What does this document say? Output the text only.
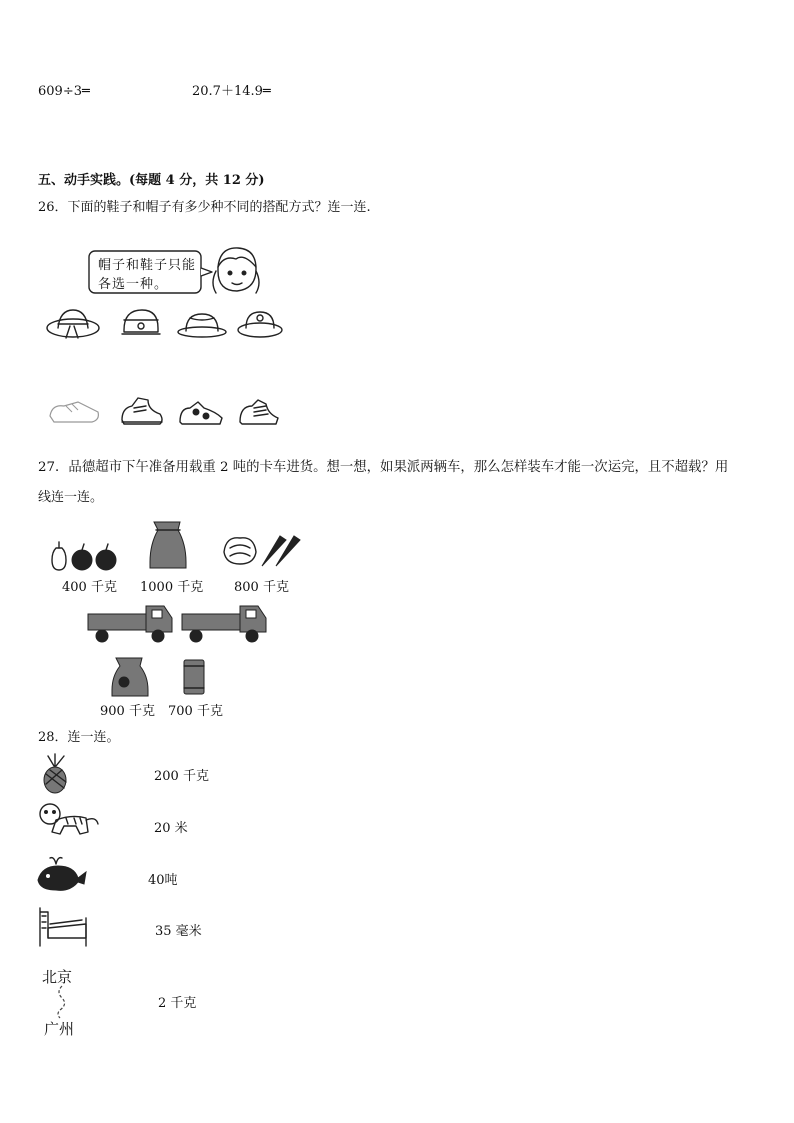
609÷3═	20.7＋14.9═
五、动手实践。(每题 4 分，共 12 分)
26．下面的鞋子和帽子有多少种不同的搭配方式？连一连.
帽子和鞋子只能
各选一种。
27．品德超市下午准备用载重 2 吨的卡车进货。想一想，如果派两辆车，那么怎样装车才能一次运完，且不超载？用
线连一连。
400 千克 1000 千克 800 千克
900 千克 700 千克
28．连一连。
200 千克
20 米
40吨
35 毫米
北京
广州
2 千克
